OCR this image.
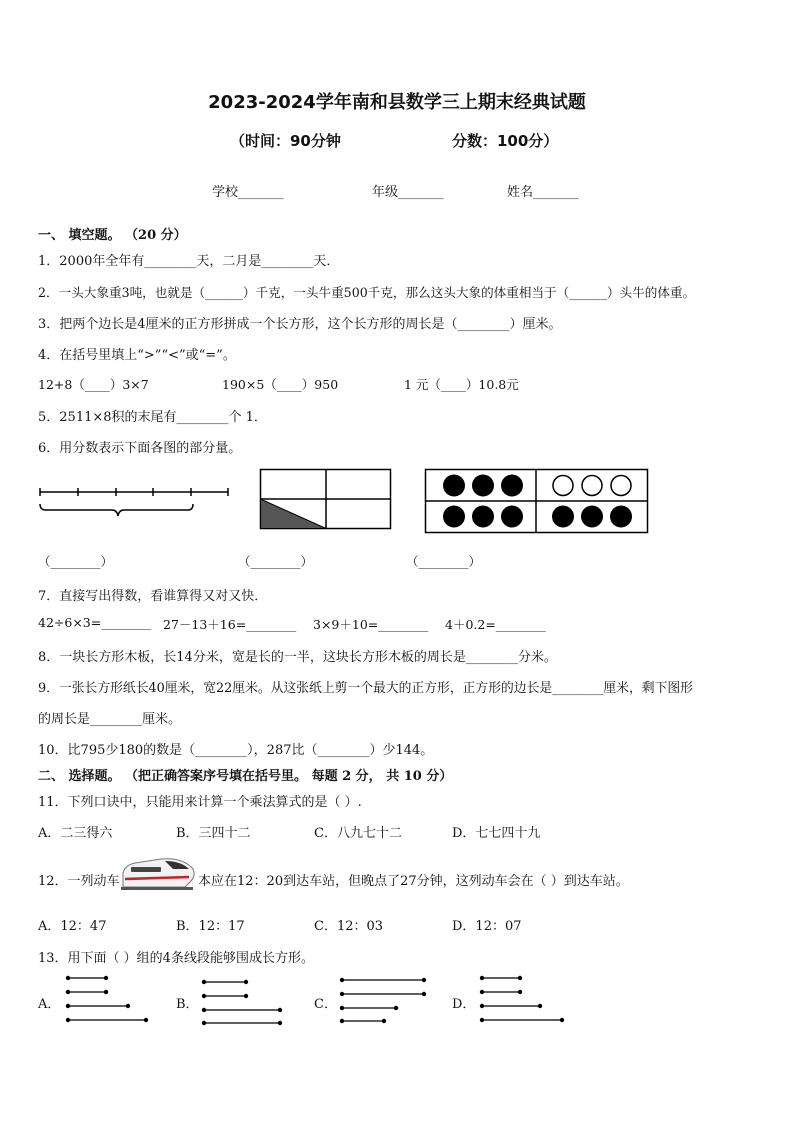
2023-2024学年南和县数学三上期末经典试题
（时间：90分钟	分数：100分）
学校_______	年级_______	姓名_______
一、 填空题。 （20 分）
1．2000年全年有________天，二月是________天．
2．一头大象重3吨，也就是（______）千克，一头牛重500千克，那么这头大象的体重相当于（______）头牛的体重。
3．把两个边长是4厘米的正方形拼成一个长方形，这个长方形的周长是（________）厘米。
4．在括号里填上“>”“<”或“=”。
12+8（____）3×7	190×5（____）950	1 元（____）10.8元
5．2511×8积的末尾有________个 1．
6．用分数表示下面各图的部分量。
（________）	（________）	（________）
7．直接写出得数，看谁算得又对又快．
42÷6×3=________ 27－13＋16=________ 3×9＋10=________ 4＋0.2=________
8．一块长方形木板，长14分米，宽是长的一半，这块长方形木板的周长是________分米。
9．一张长方形纸长40厘米，宽22厘米。从这张纸上剪一个最大的正方形，正方形的边长是________厘米，剩下图形
的周长是________厘米。
10．比795少180的数是（________），287比（________）少144。
二、 选择题。 （把正确答案序号填在括号里。 每题 2 分， 共 10 分）
11．下列口诀中，只能用来计算一个乘法算式的是（ ）.
A．二三得六	B．三四十二	C．八九七十二	D．七七四十九
12．一列动车	本应在12：20到达车站，但晚点了27分钟，这列动车会在（ ）到达车站。
A．12：47	B．12：17	C．12：03	D．12：07
13．用下面（ ）组的4条线段能够围成长方形。
A．	B．	C．	D．
